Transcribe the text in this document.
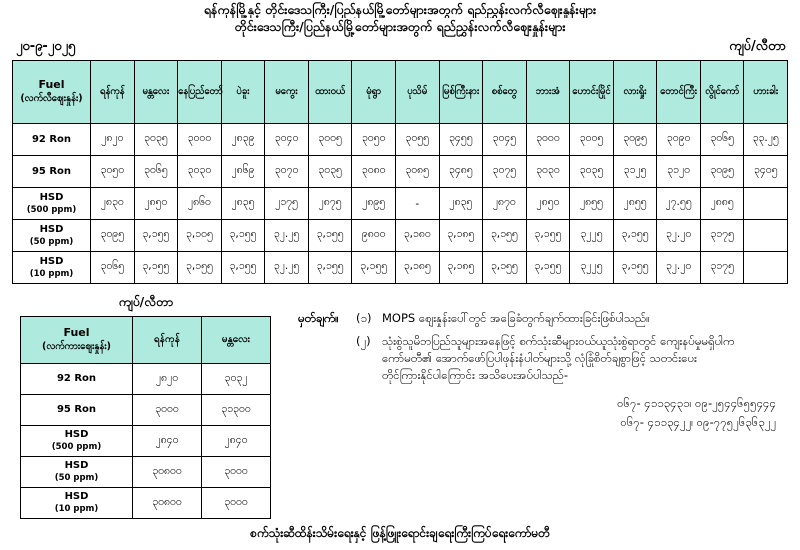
ရန်ကုန်မြို့နှင့် တိုင်းဒေသကြီး/ပြည်နယ်မြို့တော်များအတွက် ရည်ညွှန်းလက်လီဈေးနှုန်းများ
တိုင်းဒေသကြီး/ပြည်နယ်မြို့တော်များအတွက် ရည်ညွှန်းလက်လီဈေးနှုန်းများ
၂၀-၉-၂၀၂၅	ကျပ်/လီတာ
Fuel
(လက်လီဈေးနှုန်း)	ရန်ကုန်	မန္တလေး	နေပြည်တော်	ပဲခူး	မကွေး	ထားဝယ်	မုံရွာ	ပုသိမ်	မြစ်ကြီးနား	စစ်တွေ	ဘားအံ	ဟောင်းမြိုင်	လားရှိုး	တောင်ကြီး	လွိုင်ကော်	ဟားခါး
92 Ron	၂၈၂၀	၃၀၃၅	၃၀၀၀	၂၈၃၉	၃၀၄၀	၃၀၀၅	၃၀၅၀	၃၀၅၅	၃၄၅၅	၃၀၄၅	၃၀၀၀	၃၀၀၅	၃၀၉၅	၃၀၉၀	၃၀၆၅	၃၃.၂၅
95 Ron	၃၀၅၀	၃၀၆၅	၃၀၃၀	၂၈၆၉	၃၀၇၀	၃၀၃၅	၃၀၈၀	၃၀၈၅	၃၄၈၅	၃၀၇၅	၃၀၃၀	၃၀၃၅	၃၁၂၅	၃၁၂၀	၃၀၉၅	၃၄၀၅
HSD
(500 ppm)	၂၈၃၀	၂၈၅၀	၂၈၆၀	၂၈၃၅	၂၁၇၅	၂၈၇၅	၂၈၉၅	-	၂၈၃၅	၂၈၇၀	၂၈၅၀	၂၈၅၅	၂၈၅၅	၂၇.၅၅	၂၈၈၅	
HSD
(50 ppm)	၃၀၉၅	၃,၁၅၅	၃,၁၀၅	၃,၁၅၅	၃၂.၂၅	၃,၁၅၅	၉၈၀၀	၃,၁၈၀	၃,၁၈၅	၃,၁၅၅	၃,၁၅၅	၃၂၂၅	၃,၁၅၅	၃၂.၂၀	၃၁၇၅	
HSD
(10 ppm)	၃၀၆၅	၃,၁၅၅	၃,၁၅၅	၃,၁၅၅	၃၂.၂၅	၃,၁၅၅	၃,၁၅၅	၃,၁၈၅	၃,၁၈၅	၃,၁၅၅	၃,၁၅၅	၃၂၂၅	၃,၁၅၅	၃၂.၂၀	၃၁၇၅	
ကျပ်/လီတာ
Fuel
(လက်ကားဈေးနှုန်း)	ရန်ကုန်	မန္တလေး
92 Ron	၂၈၂၀	၃၀၃၂
95 Ron	၃၀၀၀	၃၁၃၀၀
HSD
(500 ppm)	၂၈၄၀	၂၈၄၀
HSD
(50 ppm)	၃၀၈၀၀	၃၀၀၀
HSD
(10 ppm)	၃၀၈၀၀	၃၀၀၀
မှတ်ချက်။	(၁) MOPS ဈေးနှုန်းပေါ်တွင် အခြေခံတွက်ချက်ထားခြင်းဖြစ်ပါသည်။
(၂) သုံးစွဲသူမိဘပြည်သူများအနေဖြင့် စက်သုံးဆီများဝယ်ယူသုံးစွဲရာတွင် ကျေးနပ်မှုမရှိပါက
ကော်မတီ၏ အောက်ဖော်ပြပါဖုန်းနံပါတ်များသို့ လုံခြုံစိတ်ချစွာဖြင့် သတင်းပေး
တိုင်ကြားနိုင်ပါကြောင်း အသိပေးအပ်ပါသည်-
၀၆၇- ၄၁၁၃၄၃၁၊ ၀၉-၂၅၄၄၆၅၅၄၄၄
၀၆၇- ၄၁၁၃၄၂၂၊ ၀၉-၇၇၅၂၆၃၆၃၂၂
စက်သုံးဆီထိန်းသိမ်းရေးနှင့် ဖြန့်ဖြူးရောင်းချရေးကြီးကြပ်ရေးကော်မတီ
